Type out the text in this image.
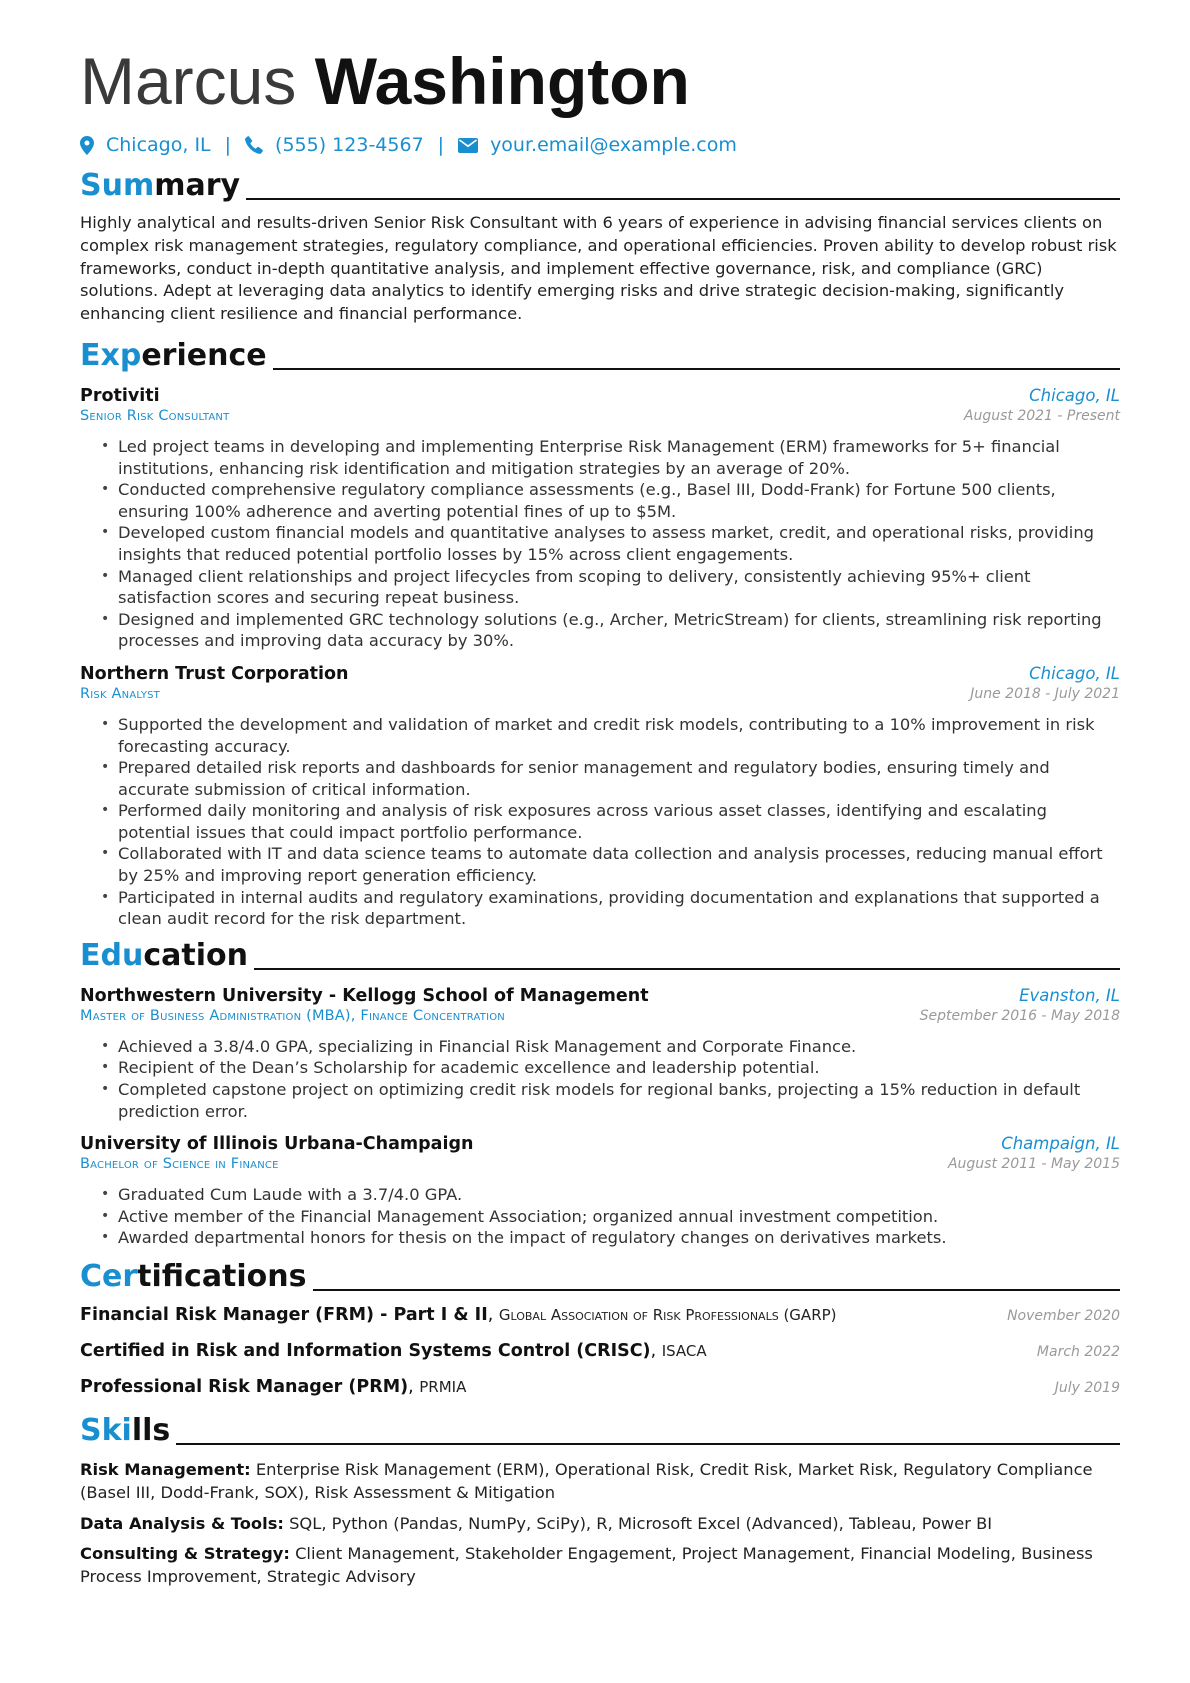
Marcus Washington
Chicago, IL | (555) 123-4567 | your.email@example.com
Summary
Highly analytical and results-driven Senior Risk Consultant with 6 years of experience in advising financial services clients on complex risk management strategies, regulatory compliance, and operational efficiencies. Proven ability to develop robust risk frameworks, conduct in-depth quantitative analysis, and implement effective governance, risk, and compliance (GRC) solutions. Adept at leveraging data analytics to identify emerging risks and drive strategic decision-making, significantly enhancing client resilience and financial performance.
Experience
Protiviti	Chicago, IL
Senior Risk Consultant	August 2021 - Present
• Led project teams in developing and implementing Enterprise Risk Management (ERM) frameworks for 5+ financial institutions, enhancing risk identification and mitigation strategies by an average of 20%.
• Conducted comprehensive regulatory compliance assessments (e.g., Basel III, Dodd-Frank) for Fortune 500 clients, ensuring 100% adherence and averting potential fines of up to $5M.
• Developed custom financial models and quantitative analyses to assess market, credit, and operational risks, providing insights that reduced potential portfolio losses by 15% across client engagements.
• Managed client relationships and project lifecycles from scoping to delivery, consistently achieving 95%+ client satisfaction scores and securing repeat business.
• Designed and implemented GRC technology solutions (e.g., Archer, MetricStream) for clients, streamlining risk reporting processes and improving data accuracy by 30%.
Northern Trust Corporation	Chicago, IL
Risk Analyst	June 2018 - July 2021
• Supported the development and validation of market and credit risk models, contributing to a 10% improvement in risk forecasting accuracy.
• Prepared detailed risk reports and dashboards for senior management and regulatory bodies, ensuring timely and accurate submission of critical information.
• Performed daily monitoring and analysis of risk exposures across various asset classes, identifying and escalating potential issues that could impact portfolio performance.
• Collaborated with IT and data science teams to automate data collection and analysis processes, reducing manual effort by 25% and improving report generation efficiency.
• Participated in internal audits and regulatory examinations, providing documentation and explanations that supported a clean audit record for the risk department.
Education
Northwestern University - Kellogg School of Management	Evanston, IL
Master of Business Administration (MBA), Finance Concentration	September 2016 - May 2018
• Achieved a 3.8/4.0 GPA, specializing in Financial Risk Management and Corporate Finance.
• Recipient of the Dean’s Scholarship for academic excellence and leadership potential.
• Completed capstone project on optimizing credit risk models for regional banks, projecting a 15% reduction in default prediction error.
University of Illinois Urbana-Champaign	Champaign, IL
Bachelor of Science in Finance	August 2011 - May 2015
• Graduated Cum Laude with a 3.7/4.0 GPA.
• Active member of the Financial Management Association; organized annual investment competition.
• Awarded departmental honors for thesis on the impact of regulatory changes on derivatives markets.
Certifications
Financial Risk Manager (FRM) - Part I & II, Global Association of Risk Professionals (GARP)	November 2020
Certified in Risk and Information Systems Control (CRISC), ISACA	March 2022
Professional Risk Manager (PRM), PRMIA	July 2019
Skills
Risk Management: Enterprise Risk Management (ERM), Operational Risk, Credit Risk, Market Risk, Regulatory Compliance (Basel III, Dodd-Frank, SOX), Risk Assessment & Mitigation
Data Analysis & Tools: SQL, Python (Pandas, NumPy, SciPy), R, Microsoft Excel (Advanced), Tableau, Power BI
Consulting & Strategy: Client Management, Stakeholder Engagement, Project Management, Financial Modeling, Business Process Improvement, Strategic Advisory
